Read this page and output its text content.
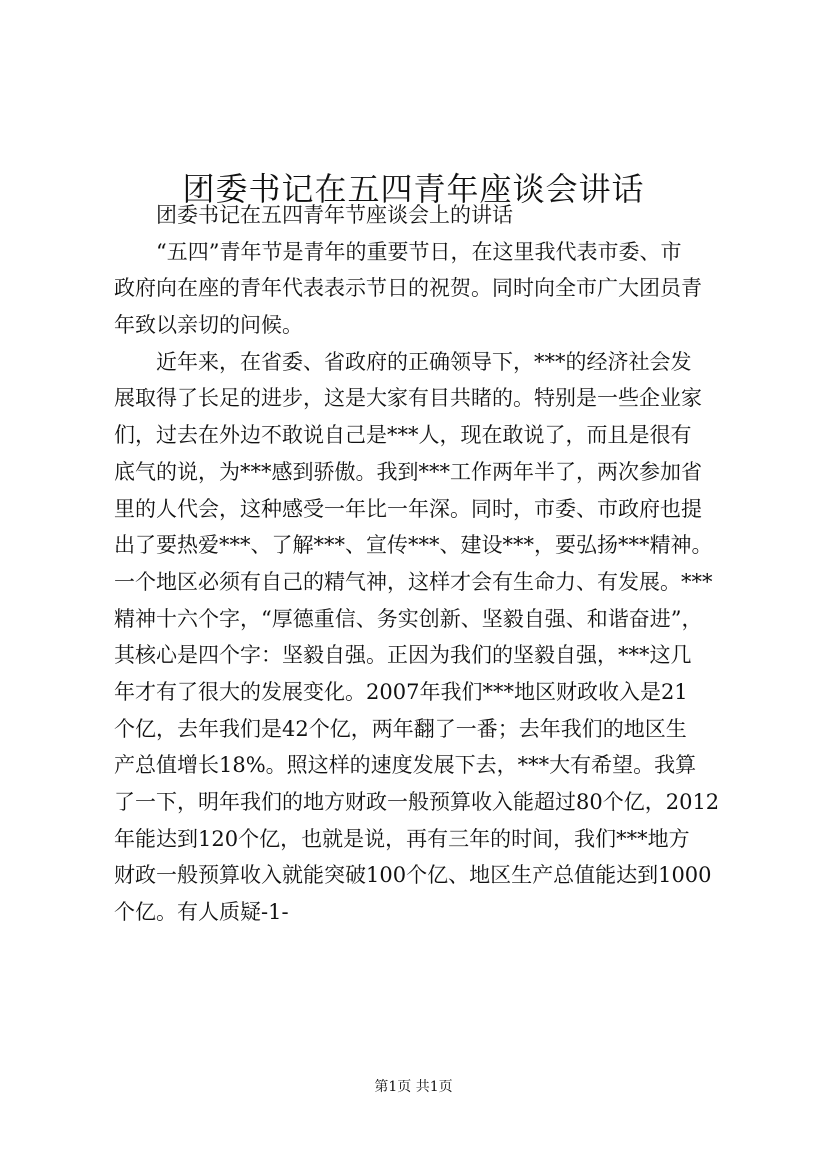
团委书记在五四青年座谈会讲话
团委书记在五四青年节座谈会上的讲话
“五四”青年节是青年的重要节日，在这里我代表市委、市
政府向在座的青年代表表示节日的祝贺。同时向全市广大团员青
年致以亲切的问候。
近年来，在省委、省政府的正确领导下，***的经济社会发
展取得了长足的进步，这是大家有目共睹的。特别是一些企业家
们，过去在外边不敢说自己是***人，现在敢说了，而且是很有
底气的说，为***感到骄傲。我到***工作两年半了，两次参加省
里的人代会，这种感受一年比一年深。同时，市委、市政府也提
出了要热爱***、了解***、宣传***、建设***，要弘扬***精神。
一个地区必须有自己的精气神，这样才会有生命力、有发展。***
精神十六个字，“厚德重信、务实创新、坚毅自强、和谐奋进”，
其核心是四个字：坚毅自强。正因为我们的坚毅自强，***这几
年才有了很大的发展变化。2007年我们***地区财政收入是21
个亿，去年我们是42个亿，两年翻了一番；去年我们的地区生
产总值增长18%。照这样的速度发展下去，***大有希望。我算
了一下，明年我们的地方财政一般预算收入能超过80个亿，2012
年能达到120个亿，也就是说，再有三年的时间，我们***地方
财政一般预算收入就能突破100个亿、地区生产总值能达到1000
个亿。有人质疑-1-
第1页 共1页
